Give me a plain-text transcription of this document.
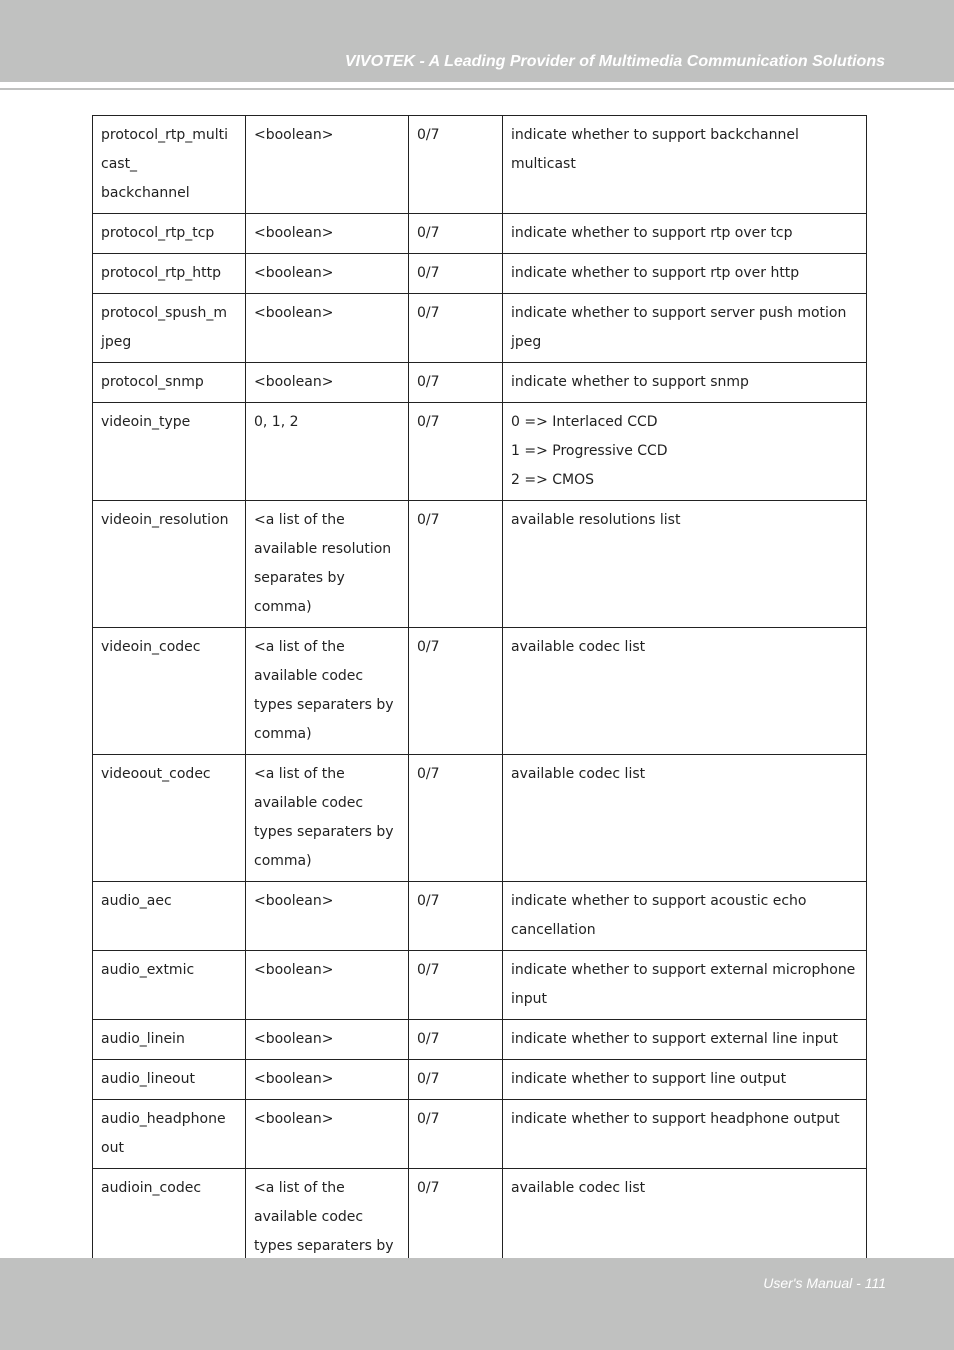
VIVOTEK - A Leading Provider of Multimedia Communication Solutions
protocol_rtp_multi
cast_
backchannel	<boolean>	0/7	indicate whether to support backchannel multicast

protocol_rtp_tcp	<boolean>	0/7	indicate whether to support rtp over tcp

protocol_rtp_http	<boolean>	0/7	indicate whether to support rtp over http

protocol_spush_m
jpeg	<boolean>	0/7	indicate whether to support server push motion jpeg

protocol_snmp	<boolean>	0/7	indicate whether to support snmp

videoin_type	0, 1, 2	0/7	0 => Interlaced CCD
1 => Progressive CCD
2 => CMOS

videoin_resolution	<a list of the
available resolution
separates by
comma)	0/7	available resolutions list

videoin_codec	<a list of the
available codec
types separaters by
comma)	0/7	available codec list

videoout_codec	<a list of the
available codec
types separaters by
comma)	0/7	available codec list

audio_aec	<boolean>	0/7	indicate whether to support acoustic echo cancellation

audio_extmic	<boolean>	0/7	indicate whether to support external microphone input

audio_linein	<boolean>	0/7	indicate whether to support external line input

audio_lineout	<boolean>	0/7	indicate whether to support line output

audio_headphone
out	<boolean>	0/7	indicate whether to support headphone output

audioin_codec	<a list of the
available codec
types separaters by	0/7	available codec list

User's Manual - 111
